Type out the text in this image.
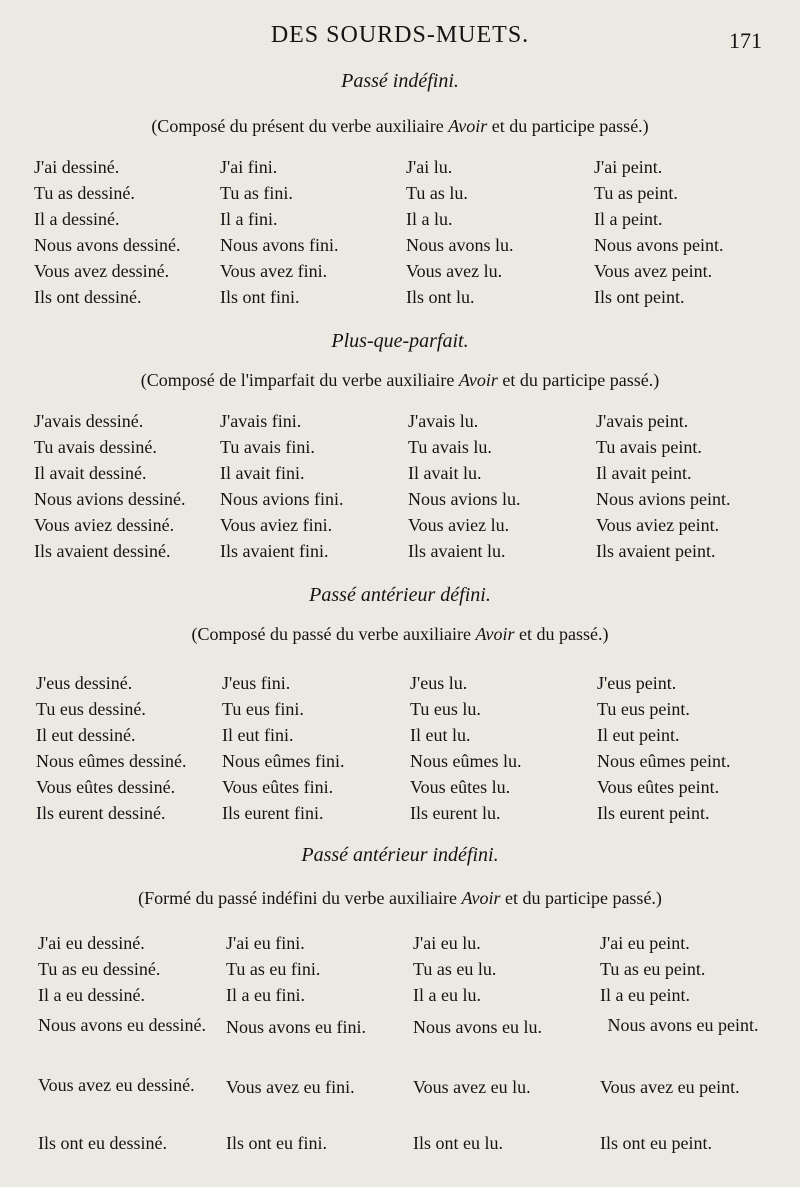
DES SOURDS-MUETS.	171
Passé indéfini.
(Composé du présent du verbe auxiliaire Avoir et du participe passé.)
J'ai dessiné.
Tu as dessiné.
Il a dessiné.
Nous avons dessiné.
Vous avez dessiné.
Ils ont dessiné.
J'ai fini.
Tu as fini.
Il a fini.
Nous avons fini.
Vous avez fini.
Ils ont fini.
J'ai lu.
Tu as lu.
Il a lu.
Nous avons lu.
Vous avez lu.
Ils ont lu.
J'ai peint.
Tu as peint.
Il a peint.
Nous avons peint.
Vous avez peint.
Ils ont peint.
Plus-que-parfait.
(Composé de l'imparfait du verbe auxiliaire Avoir et du participe passé.)
J'avais dessiné.
Tu avais dessiné.
Il avait dessiné.
Nous avions dessiné.
Vous aviez dessiné.
Ils avaient dessiné.
J'avais fini.
Tu avais fini.
Il avait fini.
Nous avions fini.
Vous aviez fini.
Ils avaient fini.
J'avais lu.
Tu avais lu.
Il avait lu.
Nous avions lu.
Vous aviez lu.
Ils avaient lu.
J'avais peint.
Tu avais peint.
Il avait peint.
Nous avions peint.
Vous aviez peint.
Ils avaient peint.
Passé antérieur défini.
(Composé du passé du verbe auxiliaire Avoir et du passé.)
J'eus dessiné.
Tu eus dessiné.
Il eut dessiné.
Nous eûmes dessiné.
Vous eûtes dessiné.
Ils eurent dessiné.
J'eus fini.
Tu eus fini.
Il eut fini.
Nous eûmes fini.
Vous eûtes fini.
Ils eurent fini.
J'eus lu.
Tu eus lu.
Il eut lu.
Nous eûmes lu.
Vous eûtes lu.
Ils eurent lu.
J'eus peint.
Tu eus peint.
Il eut peint.
Nous eûmes peint.
Vous eûtes peint.
Ils eurent peint.
Passé antérieur indéfini.
(Formé du passé indéfini du verbe auxiliaire Avoir et du participe passé.)
J'ai eu dessiné.
Tu as eu dessiné.
Il a eu dessiné.
Nous avons eu dessiné.
Vous avez eu dessiné.
Ils ont eu dessiné.
J'ai eu fini.
Tu as eu fini.
Il a eu fini.
Nous avons eu fini.
Vous avez eu fini.
Ils ont eu fini.
J'ai eu lu.
Tu as eu lu.
Il a eu lu.
Nous avons eu lu.
Vous avez eu lu.
Ils ont eu lu.
J'ai eu peint.
Tu as eu peint.
Il a eu peint.
Nous avons eu peint.
Vous avez eu peint.
Ils ont eu peint.
